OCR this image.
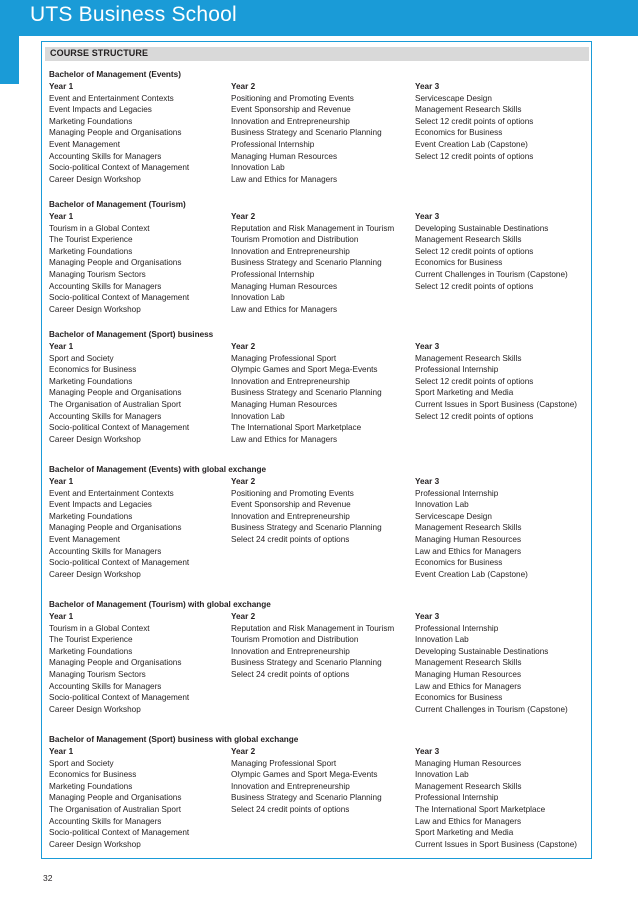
UTS Business School
COURSE STRUCTURE
Bachelor of Management (Events)
Year 1
Event and Entertainment Contexts
Event Impacts and Legacies
Marketing Foundations
Managing People and Organisations
Event Management
Accounting Skills for Managers
Socio-political Context of Management
Career Design Workshop
Year 2
Positioning and Promoting Events
Event Sponsorship and Revenue
Innovation and Entrepreneurship
Business Strategy and Scenario Planning
Professional Internship
Managing Human Resources
Innovation Lab
Law and Ethics for Managers
Year 3
Servicescape Design
Management Research Skills
Select 12 credit points of options
Economics for Business
Event Creation Lab (Capstone)
Select 12 credit points of options
Bachelor of Management (Tourism)
Year 1
Tourism in a Global Context
The Tourist Experience
Marketing Foundations
Managing People and Organisations
Managing Tourism Sectors
Accounting Skills for Managers
Socio-political Context of Management
Career Design Workshop
Year 2
Reputation and Risk Management in Tourism
Tourism Promotion and Distribution
Innovation and Entrepreneurship
Business Strategy and Scenario Planning
Professional Internship
Managing Human Resources
Innovation Lab
Law and Ethics for Managers
Year 3
Developing Sustainable Destinations
Management Research Skills
Select 12 credit points of options
Economics for Business
Current Challenges in Tourism (Capstone)
Select 12 credit points of options
Bachelor of Management (Sport) business
Year 1
Sport and Society
Economics for Business
Marketing Foundations
Managing People and Organisations
The Organisation of Australian Sport
Accounting Skills for Managers
Socio-political Context of Management
Career Design Workshop
Year 2
Managing Professional Sport
Olympic Games and Sport Mega-Events
Innovation and Entrepreneurship
Business Strategy and Scenario Planning
Managing Human Resources
Innovation Lab
The International Sport Marketplace
Law and Ethics for Managers
Year 3
Management Research Skills
Professional Internship
Select 12 credit points of options
Sport Marketing and Media
Current Issues in Sport Business (Capstone)
Select 12 credit points of options
Bachelor of Management (Events) with global exchange
Year 1
Event and Entertainment Contexts
Event Impacts and Legacies
Marketing Foundations
Managing People and Organisations
Event Management
Accounting Skills for Managers
Socio-political Context of Management
Career Design Workshop
Year 2
Positioning and Promoting Events
Event Sponsorship and Revenue
Innovation and Entrepreneurship
Business Strategy and Scenario Planning
Select 24 credit points of options
Year 3
Professional Internship
Innovation Lab
Servicescape Design
Management Research Skills
Managing Human Resources
Law and Ethics for Managers
Economics for Business
Event Creation Lab (Capstone)
Bachelor of Management (Tourism) with global exchange
Year 1
Tourism in a Global Context
The Tourist Experience
Marketing Foundations
Managing People and Organisations
Managing Tourism Sectors
Accounting Skills for Managers
Socio-political Context of Management
Career Design Workshop
Year 2
Reputation and Risk Management in Tourism
Tourism Promotion and Distribution
Innovation and Entrepreneurship
Business Strategy and Scenario Planning
Select 24 credit points of options
Year 3
Professional Internship
Innovation Lab
Developing Sustainable Destinations
Management Research Skills
Managing Human Resources
Law and Ethics for Managers
Economics for Business
Current Challenges in Tourism (Capstone)
Bachelor of Management (Sport) business with global exchange
Year 1
Sport and Society
Economics for Business
Marketing Foundations
Managing People and Organisations
The Organisation of Australian Sport
Accounting Skills for Managers
Socio-political Context of Management
Career Design Workshop
Year 2
Managing Professional Sport
Olympic Games and Sport Mega-Events
Innovation and Entrepreneurship
Business Strategy and Scenario Planning
Select 24 credit points of options
Year 3
Managing Human Resources
Innovation Lab
Management Research Skills
Professional Internship
The International Sport Marketplace
Law and Ethics for Managers
Sport Marketing and Media
Current Issues in Sport Business (Capstone)
32
